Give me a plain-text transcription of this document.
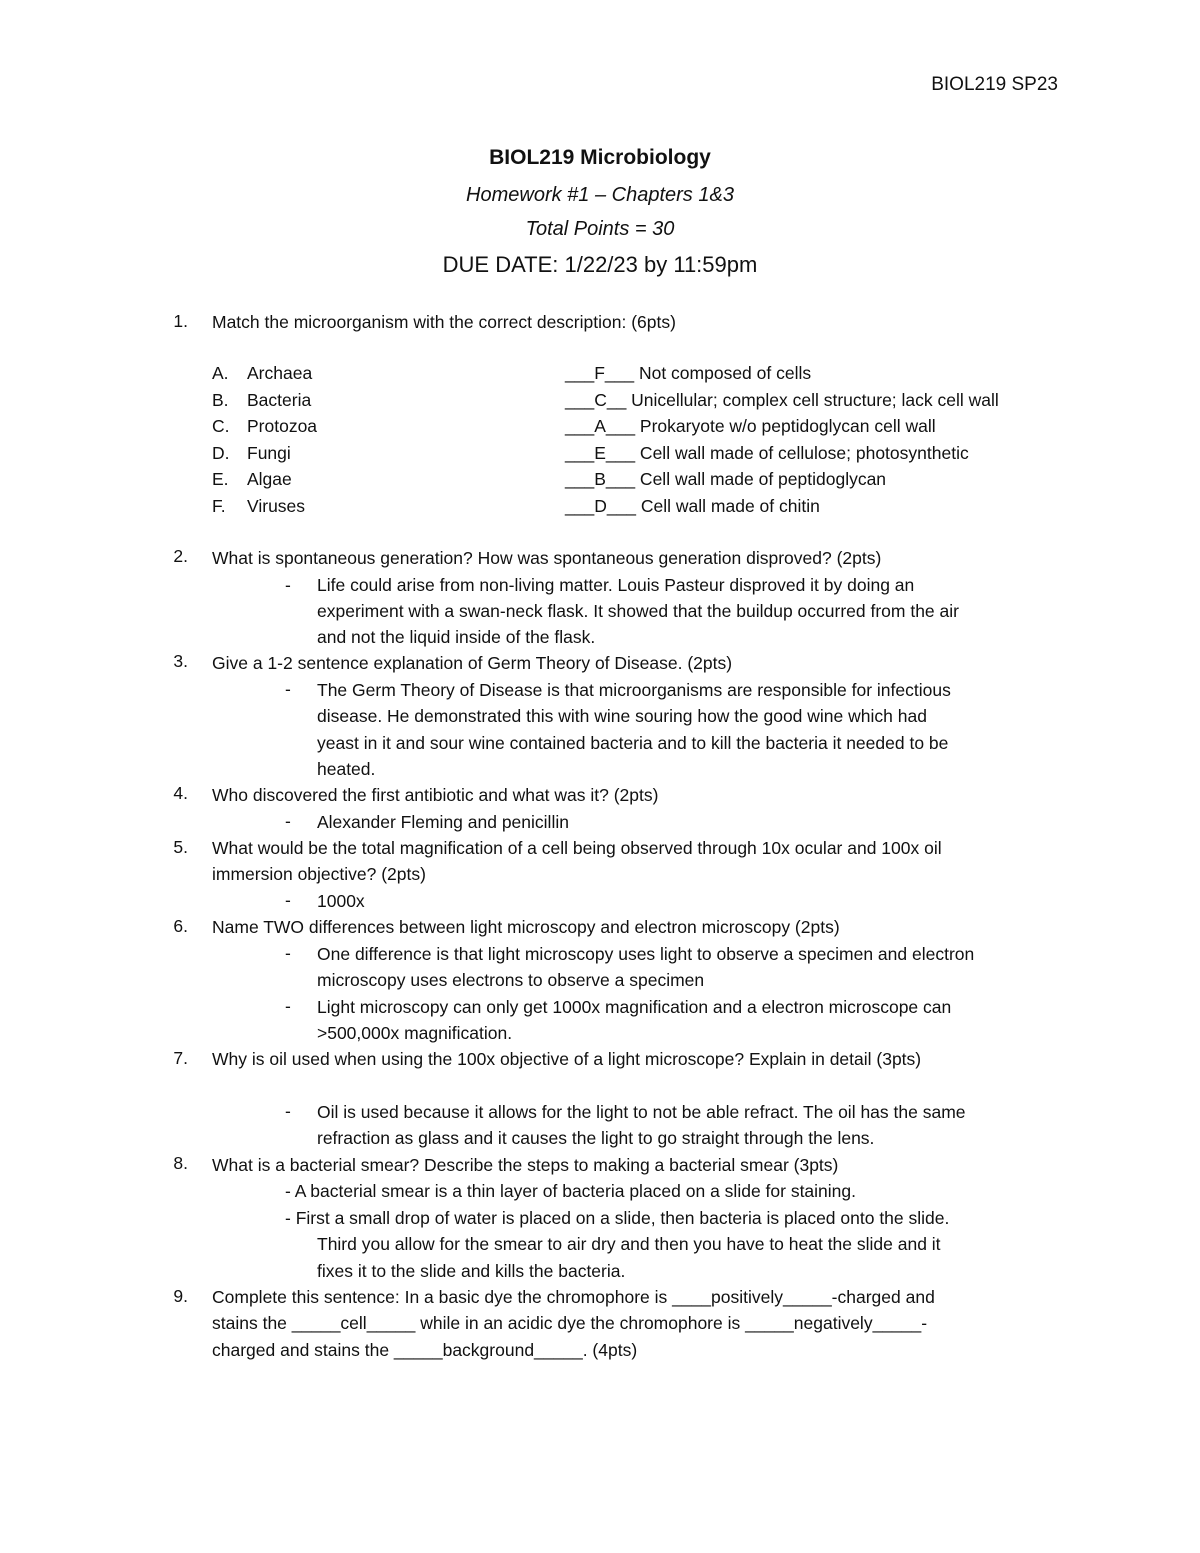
BIOL219 SP23
BIOL219 Microbiology
Homework #1 – Chapters 1&3
Total Points = 30
DUE DATE: 1/22/23 by 11:59pm
1. Match the microorganism with the correct description: (6pts)
A. Archaea
B. Bacteria
C. Protozoa
D. Fungi
E. Algae
F. Viruses
___F___ Not composed of cells
___C__ Unicellular; complex cell structure; lack cell wall
___A___ Prokaryote w/o peptidoglycan cell wall
___E___ Cell wall made of cellulose; photosynthetic
___B___ Cell wall made of peptidoglycan
___D___ Cell wall made of chitin
2. What is spontaneous generation? How was spontaneous generation disproved? (2pts)
- Life could arise from non-living matter. Louis Pasteur disproved it by doing an
experiment with a swan-neck flask. It showed that the buildup occurred from the air
and not the liquid inside of the flask.
3. Give a 1-2 sentence explanation of Germ Theory of Disease. (2pts)
- The Germ Theory of Disease is that microorganisms are responsible for infectious
disease. He demonstrated this with wine souring how the good wine which had
yeast in it and sour wine contained bacteria and to kill the bacteria it needed to be
heated.
4. Who discovered the first antibiotic and what was it? (2pts)
- Alexander Fleming and penicillin
5. What would be the total magnification of a cell being observed through 10x ocular and 100x oil
immersion objective? (2pts)
- 1000x
6. Name TWO differences between light microscopy and electron microscopy (2pts)
- One difference is that light microscopy uses light to observe a specimen and electron
microscopy uses electrons to observe a specimen
- Light microscopy can only get 1000x magnification and a electron microscope can
>500,000x magnification.
7. Why is oil used when using the 100x objective of a light microscope? Explain in detail (3pts)
- Oil is used because it allows for the light to not be able refract. The oil has the same
refraction as glass and it causes the light to go straight through the lens.
8. What is a bacterial smear? Describe the steps to making a bacterial smear (3pts)
- A bacterial smear is a thin layer of bacteria placed on a slide for staining.
- First a small drop of water is placed on a slide, then bacteria is placed onto the slide.
Third you allow for the smear to air dry and then you have to heat the slide and it
fixes it to the slide and kills the bacteria.
9. Complete this sentence: In a basic dye the chromophore is ____positively_____-charged and
stains the _____cell_____ while in an acidic dye the chromophore is _____negatively_____-
charged and stains the _____background_____. (4pts)
